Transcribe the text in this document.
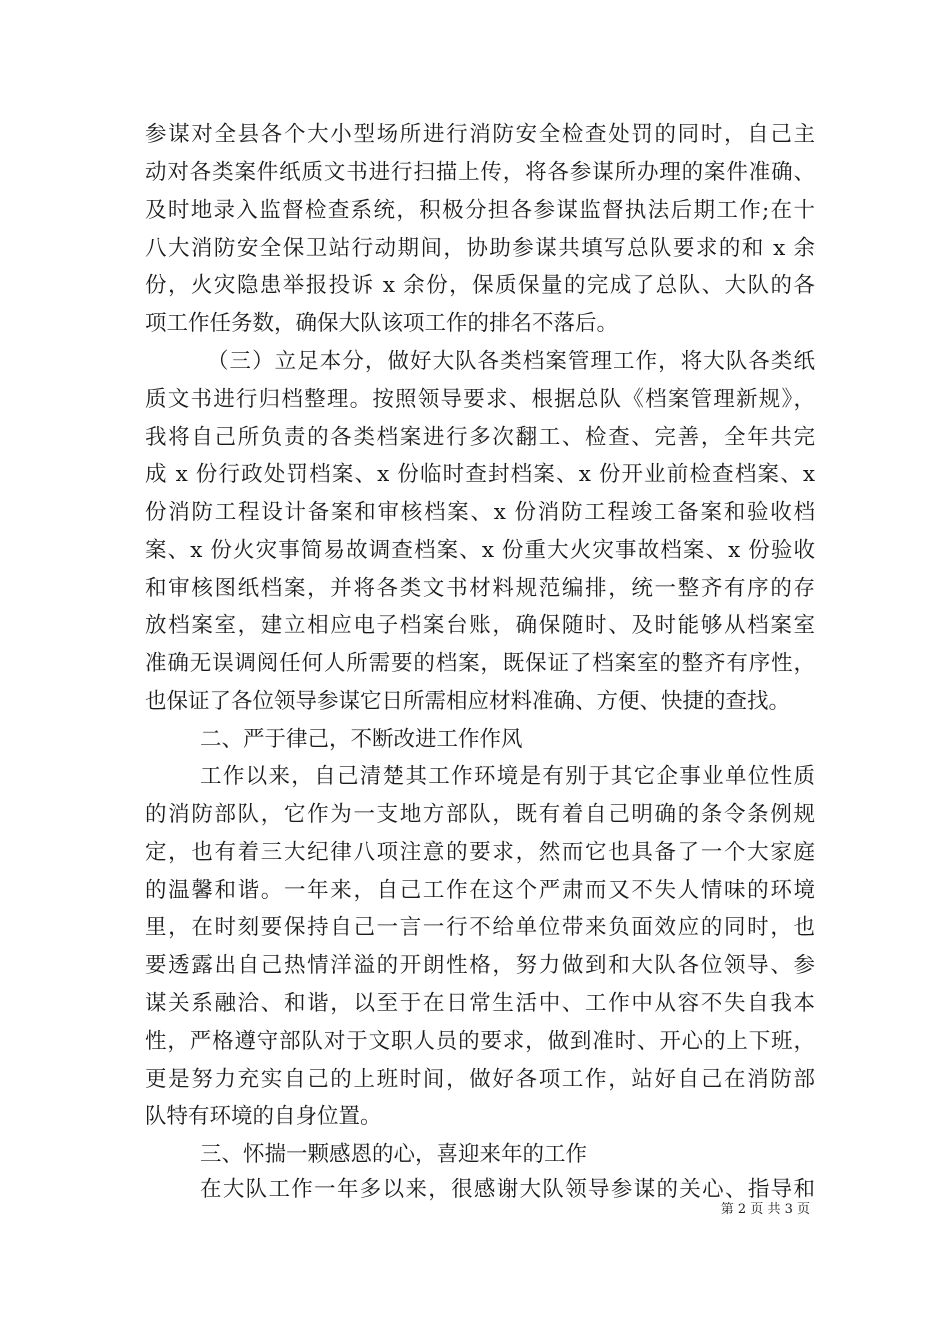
参谋对全县各个大小型场所进行消防安全检查处罚的同时，自己主
动对各类案件纸质文书进行扫描上传，将各参谋所办理的案件准确、
及时地录入监督检查系统，积极分担各参谋监督执法后期工作;在十
八大消防安全保卫站行动期间，协助参谋共填写总队要求的和 x 余
份，火灾隐患举报投诉 x 余份，保质保量的完成了总队、大队的各
项工作任务数，确保大队该项工作的排名不落后。
（三）立足本分，做好大队各类档案管理工作，将大队各类纸
质文书进行归档整理。按照领导要求、根据总队《档案管理新规》，
我将自己所负责的各类档案进行多次翻工、检查、完善，全年共完
成 x 份行政处罚档案、x 份临时查封档案、x 份开业前检查档案、x
份消防工程设计备案和审核档案、x 份消防工程竣工备案和验收档
案、x 份火灾事简易故调查档案、x 份重大火灾事故档案、x 份验收
和审核图纸档案，并将各类文书材料规范编排，统一整齐有序的存
放档案室，建立相应电子档案台账，确保随时、及时能够从档案室
准确无误调阅任何人所需要的档案，既保证了档案室的整齐有序性，
也保证了各位领导参谋它日所需相应材料准确、方便、快捷的查找。
二、严于律己，不断改进工作作风
工作以来，自己清楚其工作环境是有别于其它企事业单位性质
的消防部队，它作为一支地方部队，既有着自己明确的条令条例规
定，也有着三大纪律八项注意的要求，然而它也具备了一个大家庭
的温馨和谐。一年来，自己工作在这个严肃而又不失人情味的环境
里，在时刻要保持自己一言一行不给单位带来负面效应的同时，也
要透露出自己热情洋溢的开朗性格，努力做到和大队各位领导、参
谋关系融洽、和谐，以至于在日常生活中、工作中从容不失自我本
性，严格遵守部队对于文职人员的要求，做到准时、开心的上下班，
更是努力充实自己的上班时间，做好各项工作，站好自己在消防部
队特有环境的自身位置。
三、怀揣一颗感恩的心，喜迎来年的工作
在大队工作一年多以来，很感谢大队领导参谋的关心、指导和
第 2 页 共 3 页
